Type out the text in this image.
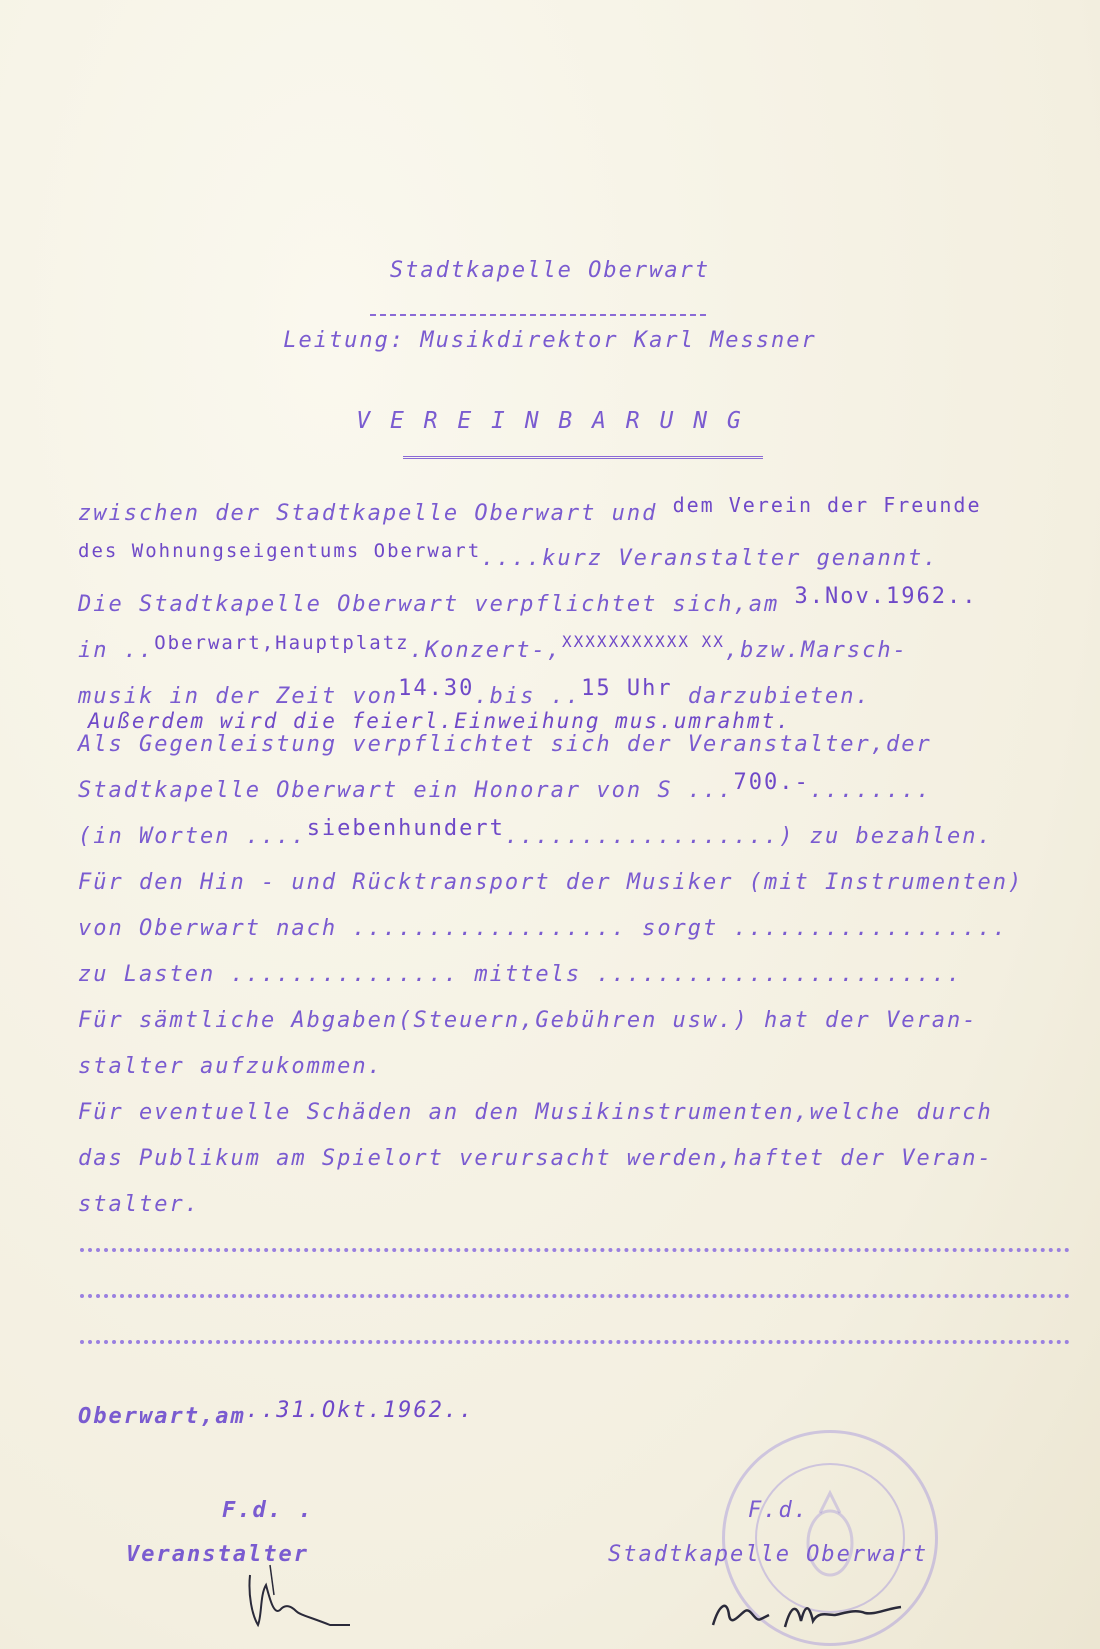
Stadtkapelle Oberwart
Leitung: Musikdirektor Karl Messner
V E R E I N B A R U N G
zwischen der Stadtkapelle Oberwart und dem Verein der Freunde
des Wohnungseigentums Oberwart....kurz Veranstalter genannt.
Die Stadtkapelle Oberwart verpflichtet sich,am 3.Nov.1962..
in ..Oberwart,Hauptplatz.Konzert-,$^{XXXXXXXXXXX XX}$,bzw.Marsch-
musik in der Zeit von14.30.bis ..15 Uhr darzubieten.
Außerdem wird die feierl.Einweihung mus.umrahmt.
Als Gegenleistung verpflichtet sich der Veranstalter,der
Stadtkapelle Oberwart ein Honorar von S ...700.-........
(in Worten ....siebenhundert..................) zu bezahlen.
Für den Hin - und Rücktransport der Musiker (mit Instrumenten)
von Oberwart nach .................. sorgt ..................
zu Lasten ............... mittels ........................
Für sämtliche Abgaben(Steuern,Gebühren usw.) hat der Veran-
stalter aufzukommen.
Für eventuelle Schäden an den Musikinstrumenten,welche durch
das Publikum am Spielort verursacht werden,haftet der Veran-
stalter.
Oberwart,am..31.Okt.1962..
F.d. .
Veranstalter
F.d.
Stadtkapelle Oberwart
